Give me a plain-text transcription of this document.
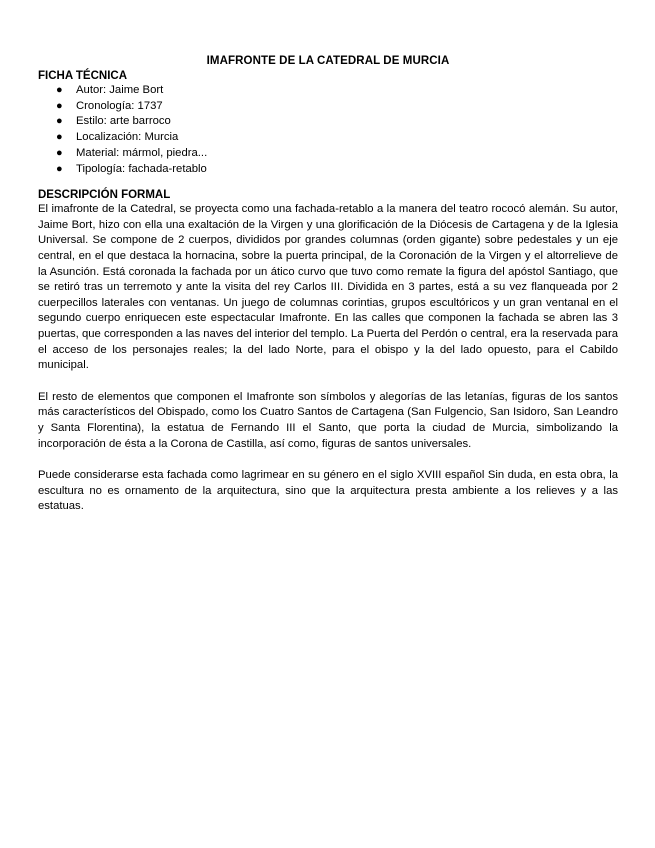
IMAFRONTE DE LA CATEDRAL DE MURCIA
FICHA TÉCNICA
● Autor: Jaime Bort
● Cronología: 1737
● Estilo: arte barroco
● Localización: Murcia
● Material: mármol, piedra...
● Tipología: fachada-retablo
DESCRIPCIÓN FORMAL

El imafronte de la Catedral, se proyecta como una fachada-retablo a la manera del teatro rococó alemán. Su autor, Jaime Bort, hizo con ella una exaltación de la Virgen y una glorificación de la Diócesis de Cartagena y de la Iglesia Universal. Se compone de 2 cuerpos, divididos por grandes columnas (orden gigante) sobre pedestales y un eje central, en el que destaca la hornacina, sobre la puerta principal, de la Coronación de la Virgen y el altorrelieve de la Asunción. Está coronada la fachada por un ático curvo que tuvo como remate la figura del apóstol Santiago, que se retiró tras un terremoto y ante la visita del rey Carlos III. Dividida en 3 partes, está a su vez flanqueada por 2 cuerpecillos laterales con ventanas. Un juego de columnas corintias, grupos escultóricos y un gran ventanal en el segundo cuerpo enriquecen este espectacular Imafronte. En las calles que componen la fachada se abren las 3 puertas, que corresponden a las naves del interior del templo. La Puerta del Perdón o central, era la reservada para el acceso de los personajes reales; la del lado Norte, para el obispo y la del lado opuesto, para el Cabildo municipal.

El resto de elementos que componen el Imafronte son símbolos y alegorías de las letanías, figuras de los santos más característicos del Obispado, como los Cuatro Santos de Cartagena (San Fulgencio, San Isidoro, San Leandro y Santa Florentina), la estatua de Fernando III el Santo, que porta la ciudad de Murcia, simbolizando la incorporación de ésta a la Corona de Castilla, así como, figuras de santos universales.

Puede considerarse esta fachada como lagrimear en su género en el siglo XVIII español Sin duda, en esta obra, la escultura no es ornamento de la arquitectura, sino que la arquitectura presta ambiente a los relieves y a las estatuas.
